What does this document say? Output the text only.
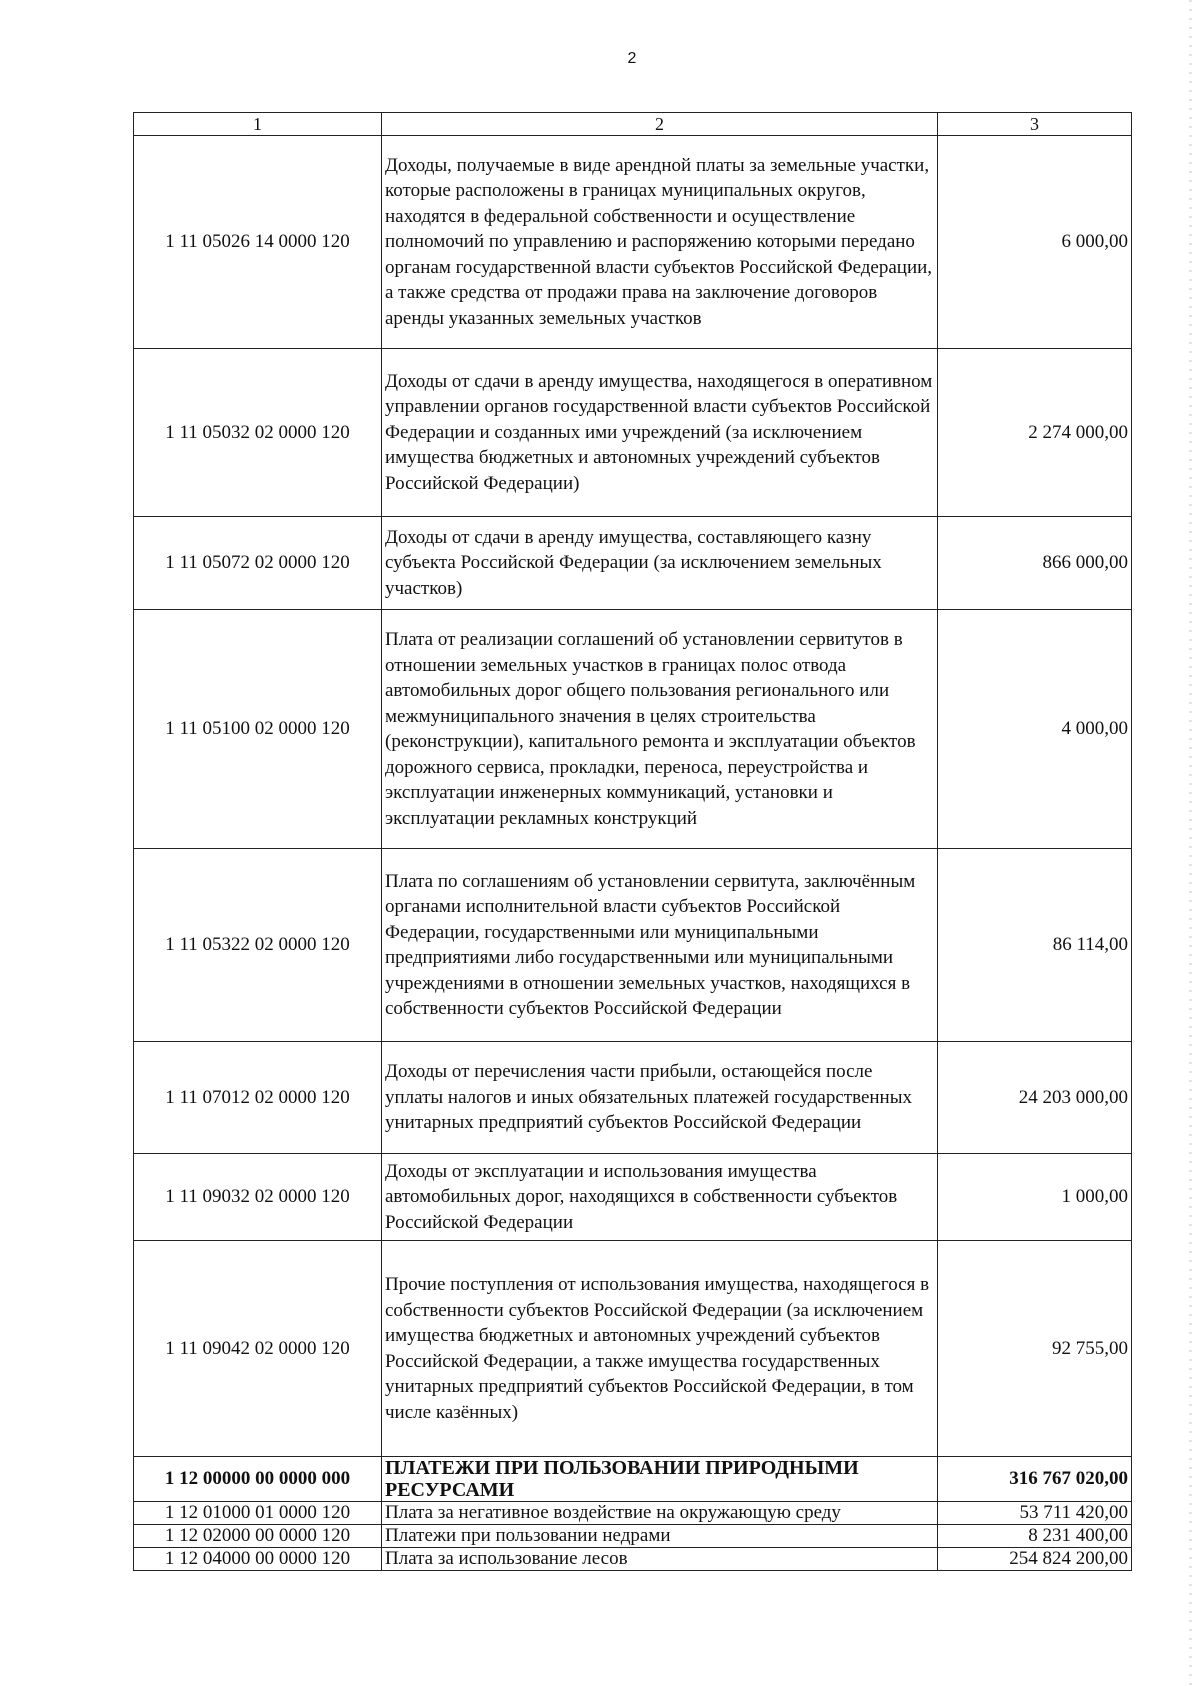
2
1	2	3
1 11 05026 14 0000 120	Доходы, получаемые в виде арендной платы за земельные участки, которые расположены в границах муниципальных округов, находятся в федеральной собственности и осуществление полномочий по управлению и распоряжению которыми передано органам государственной власти субъектов Российской Федерации, а также средства от продажи права на заключение договоров аренды указанных земельных участков	6 000,00
1 11 05032 02 0000 120	Доходы от сдачи в аренду имущества, находящегося в оперативном управлении органов государственной власти субъектов Российской Федерации и созданных ими учреждений (за исключением имущества бюджетных и автономных учреждений субъектов Российской Федерации)	2 274 000,00
1 11 05072 02 0000 120	Доходы от сдачи в аренду имущества, составляющего казну субъекта Российской Федерации (за исключением земельных участков)	866 000,00
1 11 05100 02 0000 120	Плата от реализации соглашений об установлении сервитутов в отношении земельных участков в границах полос отвода автомобильных дорог общего пользования регионального или межмуниципального значения в целях строительства (реконструкции), капитального ремонта и эксплуатации объектов дорожного сервиса, прокладки, переноса, переустройства и эксплуатации инженерных коммуникаций, установки и эксплуатации рекламных конструкций	4 000,00
1 11 05322 02 0000 120	Плата по соглашениям об установлении сервитута, заключённым органами исполнительной власти субъектов Российской Федерации, государственными или муниципальными предприятиями либо государственными или муниципальными учреждениями в отношении земельных участков, находящихся в собственности субъектов Российской Федерации	86 114,00
1 11 07012 02 0000 120	Доходы от перечисления части прибыли, остающейся после уплаты налогов и иных обязательных платежей государственных унитарных предприятий субъектов Российской Федерации	24 203 000,00
1 11 09032 02 0000 120	Доходы от эксплуатации и использования имущества автомобильных дорог, находящихся в собственности субъектов Российской Федерации	1 000,00
1 11 09042 02 0000 120	Прочие поступления от использования имущества, находящегося в собственности субъектов Российской Федерации (за исключением имущества бюджетных и автономных учреждений субъектов Российской Федерации, а также имущества государственных унитарных предприятий субъектов Российской Федерации, в том числе казённых)	92 755,00
1 12 00000 00 0000 000	ПЛАТЕЖИ ПРИ ПОЛЬЗОВАНИИ ПРИРОДНЫМИ РЕСУРСАМИ	316 767 020,00
1 12 01000 01 0000 120	Плата за негативное воздействие на окружающую среду	53 711 420,00
1 12 02000 00 0000 120	Платежи при пользовании недрами	8 231 400,00
1 12 04000 00 0000 120	Плата за использование лесов	254 824 200,00
